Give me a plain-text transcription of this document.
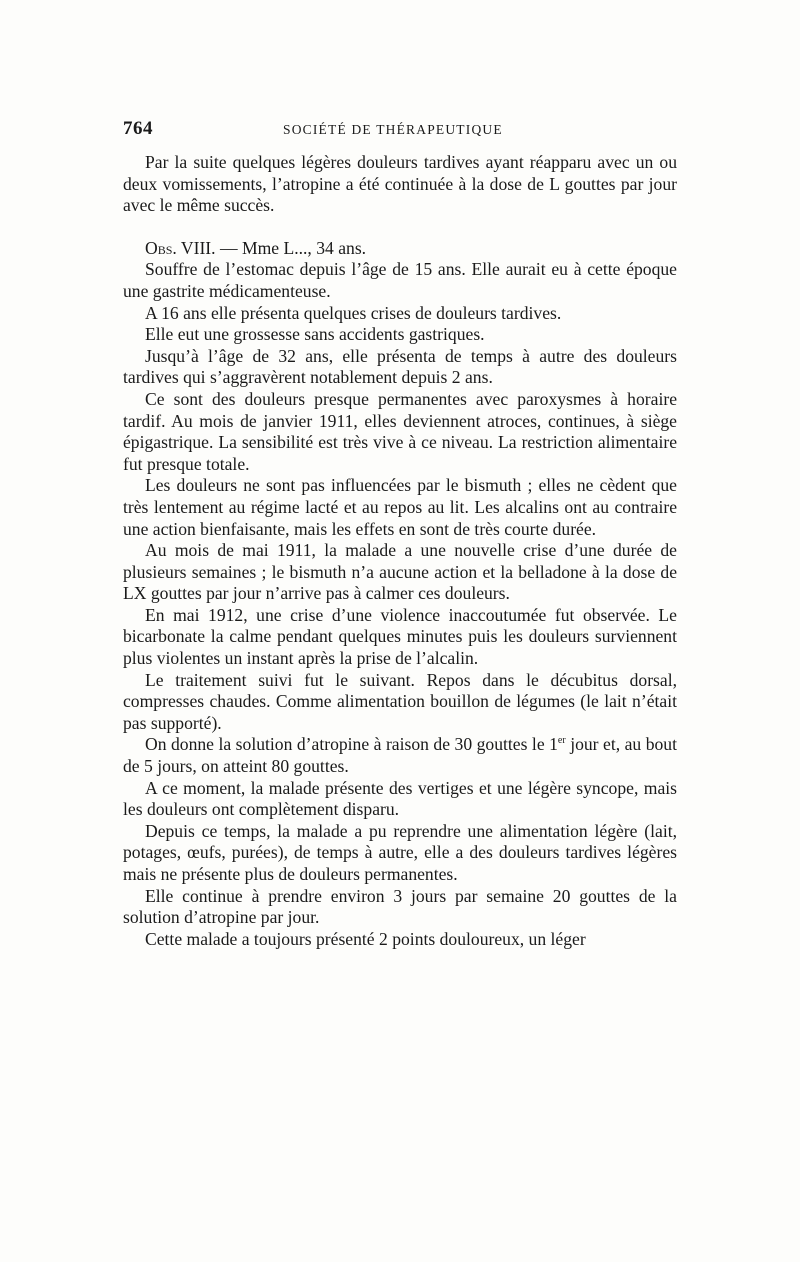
764	SOCIÉTÉ DE THÉRAPEUTIQUE

Par la suite quelques légères douleurs tardives ayant réapparu avec un ou deux vomissements, l’atropine a été continuée à la dose de L gouttes par jour avec le même succès.

Obs. VIII. — Mme L..., 34 ans.

Souffre de l’estomac depuis l’âge de 15 ans. Elle aurait eu à cette époque une gastrite médicamenteuse.

A 16 ans elle présenta quelques crises de douleurs tardives.

Elle eut une grossesse sans accidents gastriques.

Jusqu’à l’âge de 32 ans, elle présenta de temps à autre des douleurs tardives qui s’aggravèrent notablement depuis 2 ans.

Ce sont des douleurs presque permanentes avec paroxysmes à horaire tardif. Au mois de janvier 1911, elles deviennent atroces, continues, à siège épigastrique. La sensibilité est très vive à ce niveau. La restriction alimentaire fut presque totale.

Les douleurs ne sont pas influencées par le bismuth ; elles ne cèdent que très lentement au régime lacté et au repos au lit. Les alcalins ont au contraire une action bienfaisante, mais les effets en sont de très courte durée.

Au mois de mai 1911, la malade a une nouvelle crise d’une durée de plusieurs semaines ; le bismuth n’a aucune action et la belladone à la dose de LX gouttes par jour n’arrive pas à calmer ces douleurs.

En mai 1912, une crise d’une violence inaccoutumée fut observée. Le bicarbonate la calme pendant quelques minutes puis les douleurs surviennent plus violentes un instant après la prise de l’alcalin.

Le traitement suivi fut le suivant. Repos dans le décubitus dorsal, compresses chaudes. Comme alimentation bouillon de légumes (le lait n’était pas supporté).

On donne la solution d’atropine à raison de 30 gouttes le 1er jour et, au bout de 5 jours, on atteint 80 gouttes.

A ce moment, la malade présente des vertiges et une légère syncope, mais les douleurs ont complètement disparu.

Depuis ce temps, la malade a pu reprendre une alimentation légère (lait, potages, œufs, purées), de temps à autre, elle a des douleurs tardives légères mais ne présente plus de douleurs permanentes.

Elle continue à prendre environ 3 jours par semaine 20 gouttes de la solution d’atropine par jour.

Cette malade a toujours présenté 2 points douloureux, un léger
